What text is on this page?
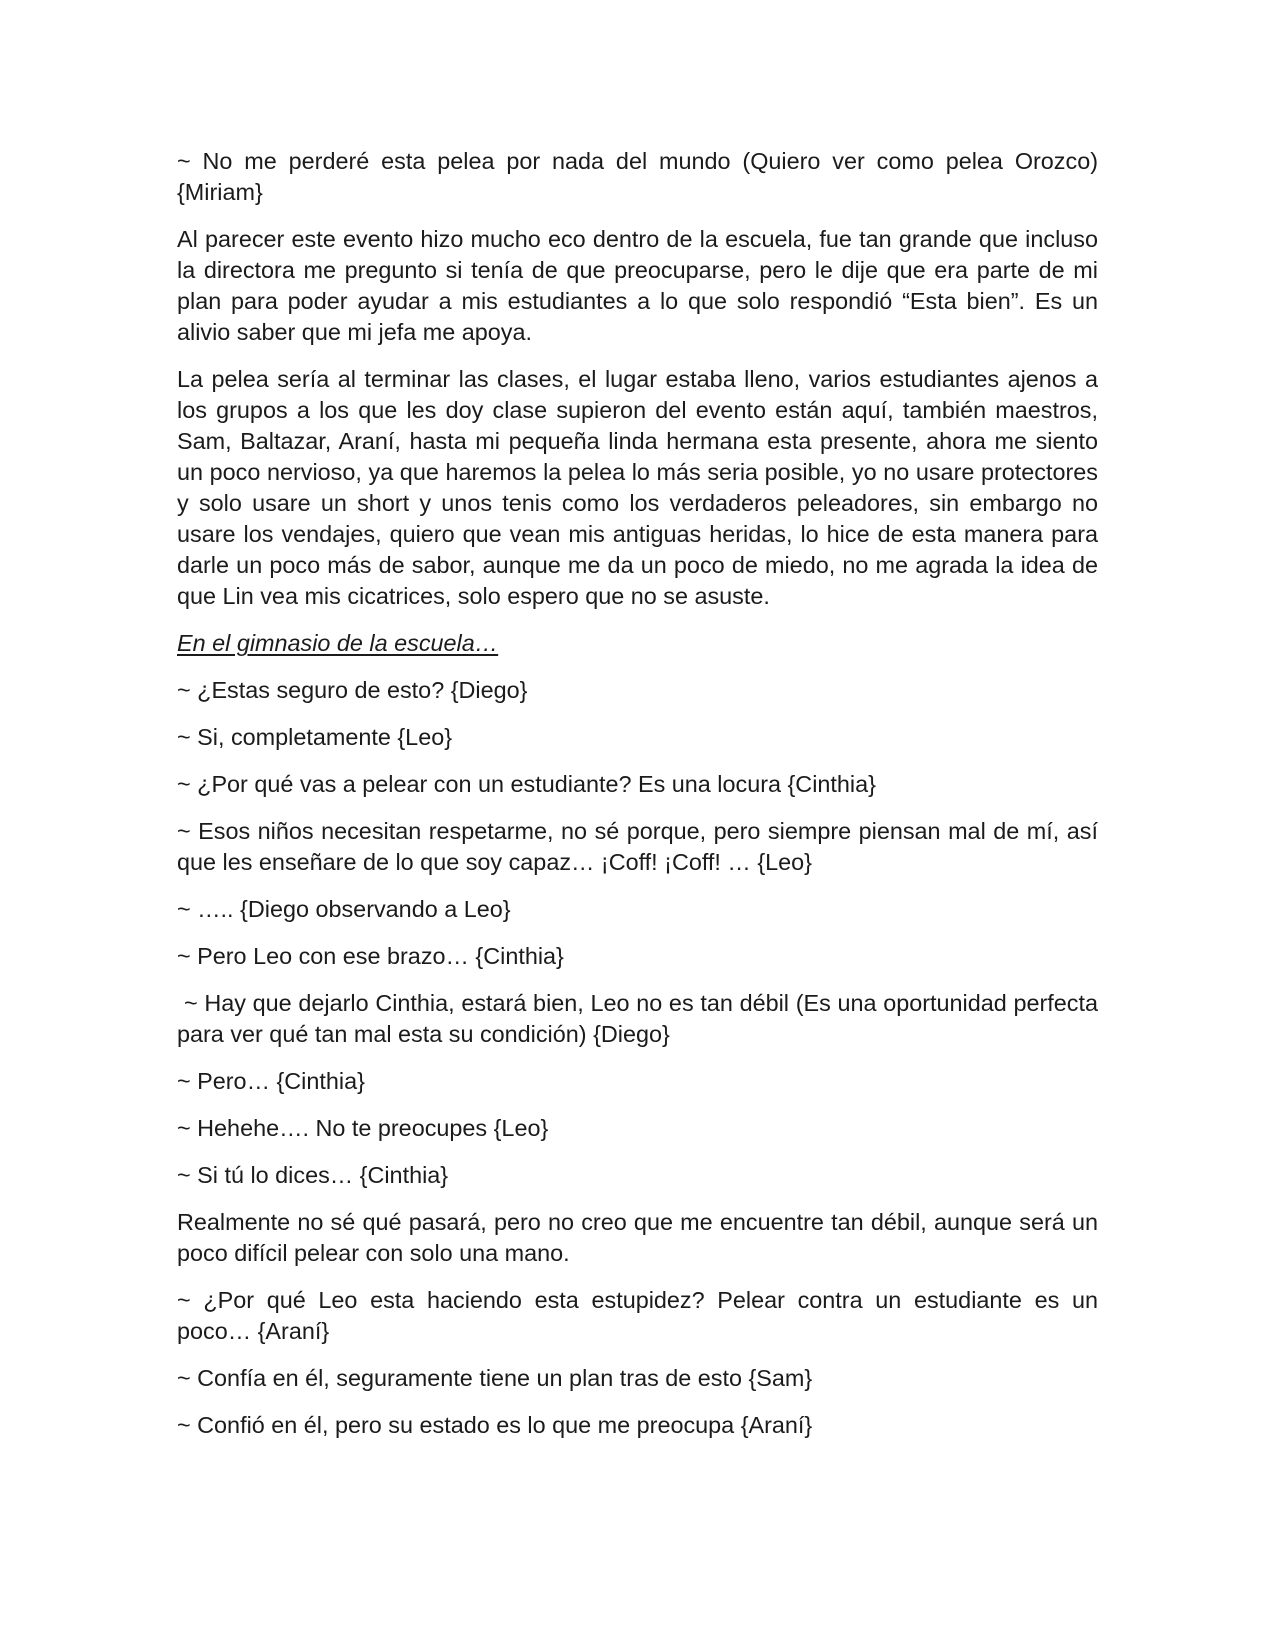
~ No me perderé esta pelea por nada del mundo (Quiero ver como pelea Orozco) {Miriam}

Al parecer este evento hizo mucho eco dentro de la escuela, fue tan grande que incluso la directora me pregunto si tenía de que preocuparse, pero le dije que era parte de mi plan para poder ayudar a mis estudiantes a lo que solo respondió “Esta bien”. Es un alivio saber que mi jefa me apoya.

La pelea sería al terminar las clases, el lugar estaba lleno, varios estudiantes ajenos a los grupos a los que les doy clase supieron del evento están aquí, también maestros, Sam, Baltazar, Araní, hasta mi pequeña linda hermana esta presente, ahora me siento un poco nervioso, ya que haremos la pelea lo más seria posible, yo no usare protectores y solo usare un short y unos tenis como los verdaderos peleadores, sin embargo no usare los vendajes, quiero que vean mis antiguas heridas, lo hice de esta manera para darle un poco más de sabor, aunque me da un poco de miedo, no me agrada la idea de que Lin vea mis cicatrices, solo espero que no se asuste.

En el gimnasio de la escuela…

~ ¿Estas seguro de esto? {Diego}

~ Si, completamente {Leo}

~ ¿Por qué vas a pelear con un estudiante? Es una locura {Cinthia}

~ Esos niños necesitan respetarme, no sé porque, pero siempre piensan mal de mí, así que les enseñare de lo que soy capaz… ¡Coff! ¡Coff! … {Leo}

~ ….. {Diego observando a Leo}

~ Pero Leo con ese brazo… {Cinthia}

~ Hay que dejarlo Cinthia, estará bien, Leo no es tan débil (Es una oportunidad perfecta para ver qué tan mal esta su condición) {Diego}

~ Pero… {Cinthia}

~ Hehehe…. No te preocupes {Leo}

~ Si tú lo dices… {Cinthia}

Realmente no sé qué pasará, pero no creo que me encuentre tan débil, aunque será un poco difícil pelear con solo una mano.

~ ¿Por qué Leo esta haciendo esta estupidez? Pelear contra un estudiante es un poco… {Araní}

~ Confía en él, seguramente tiene un plan tras de esto {Sam}

~ Confió en él, pero su estado es lo que me preocupa {Araní}
